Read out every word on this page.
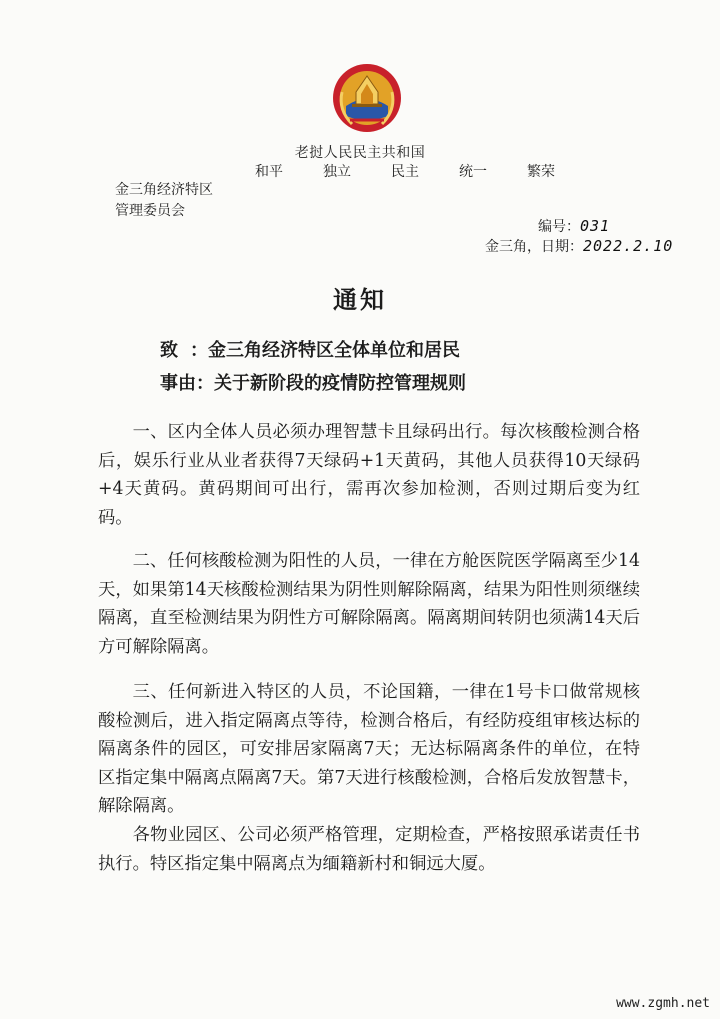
老挝人民民主共和国
和平	独立	民主	统一	繁荣
金三角经济特区
管理委员会
编号：031
金三角，日期：2022.2.10
通知
致 ：金三角经济特区全体单位和居民
事由：关于新阶段的疫情防控管理规则
一、区内全体人员必须办理智慧卡且绿码出行。每次核酸检测合格后，娱乐行业从业者获得7天绿码+1天黄码，其他人员获得10天绿码+4天黄码。黄码期间可出行，需再次参加检测，否则过期后变为红码。
二、任何核酸检测为阳性的人员，一律在方舱医院医学隔离至少14天，如果第14天核酸检测结果为阴性则解除隔离，结果为阳性则须继续隔离，直至检测结果为阴性方可解除隔离。隔离期间转阴也须满14天后方可解除隔离。
三、任何新进入特区的人员，不论国籍，一律在1号卡口做常规核酸检测后，进入指定隔离点等待，检测合格后，有经防疫组审核达标的隔离条件的园区，可安排居家隔离7天；无达标隔离条件的单位，在特区指定集中隔离点隔离7天。第7天进行核酸检测，合格后发放智慧卡，解除隔离。
各物业园区、公司必须严格管理，定期检查，严格按照承诺责任书执行。特区指定集中隔离点为缅籍新村和铜远大厦。
www.zgmh.net
